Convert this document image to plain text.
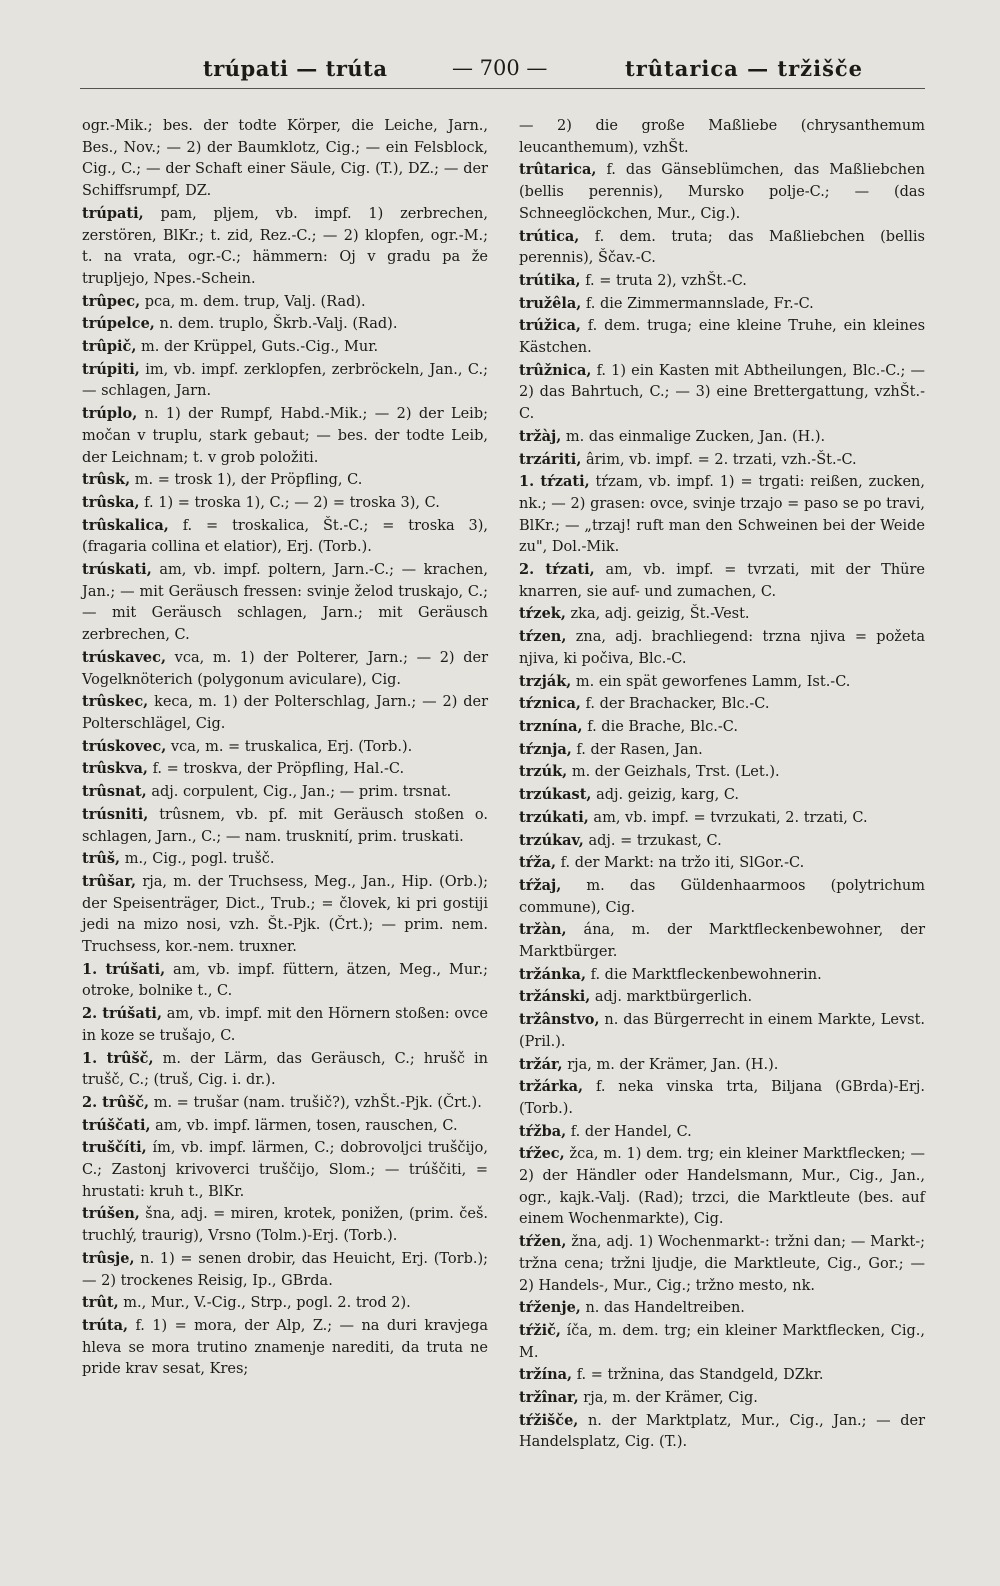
trúpati — trúta	— 700 —	trûtarica — tržišče

ogr.-Mik.; bes. der todte Körper, die Leiche, Jarn., Bes., Nov.; — 2) der Baumklotz, Cig.; — ein Felsblock, Cig., C.; — der Schaft einer Säule, Cig. (T.), DZ.; — der Schiffsrumpf, DZ.

trúpati, pam, pljem, vb. impf. 1) zerbrechen, zerstören, BlKr.; t. zid, Rez.-C.; — 2) klopfen, ogr.-M.; t. na vrata, ogr.-C.; hämmern: Oj v gradu pa že trupljejo, Npes.-Schein.

trûpec, pca, m. dem. trup, Valj. (Rad).

trúpelce, n. dem. truplo, Škrb.-Valj. (Rad).

trûpič, m. der Krüppel, Guts.-Cig., Mur.

trúpiti, im, vb. impf. zerklopfen, zerbröckeln, Jan., C.; — schlagen, Jarn.

trúplo, n. 1) der Rumpf, Habd.-Mik.; — 2) der Leib; močan v truplu, stark gebaut; — bes. der todte Leib, der Leichnam; t. v grob položiti.

trûsk, m. = trosk 1), der Pröpfling, C.

trûska, f. 1) = troska 1), C.; — 2) = troska 3), C.

trûskalica, f. = troskalica, Št.-C.; = troska 3), (fragaria collina et elatior), Erj. (Torb.).

trúskati, am, vb. impf. poltern, Jarn.-C.; — krachen, Jan.; — mit Geräusch fressen: svinje želod truskajo, C.; — mit Geräusch schlagen, Jarn.; mit Geräusch zerbrechen, C.

trúskavec, vca, m. 1) der Polterer, Jarn.; — 2) der Vogelknöterich (polygonum aviculare), Cig.

trûskec, keca, m. 1) der Polterschlag, Jarn.; — 2) der Polterschlägel, Cig.

trúskovec, vca, m. = truskalica, Erj. (Torb.).

trûskva, f. = troskva, der Pröpfling, Hal.-C.

trûsnat, adj. corpulent, Cig., Jan.; — prim. trsnat.

trúsniti, trûsnem, vb. pf. mit Geräusch stoßen o. schlagen, Jarn., C.; — nam. trusknití, prim. truskati.

trûš, m., Cig., pogl. trušč.

trûšar, rja, m. der Truchsess, Meg., Jan., Hip. (Orb.); der Speisenträger, Dict., Trub.; = človek, ki pri gostiji jedi na mizo nosi, vzh. Št.-Pjk. (Črt.); — prim. nem. Truchsess, kor.-nem. truxner.

1. trúšati, am, vb. impf. füttern, ätzen, Meg., Mur.; otroke, bolnike t., C.

2. trúšati, am, vb. impf. mit den Hörnern stoßen: ovce in koze se trušajo, C.

1. trûšč, m. der Lärm, das Geräusch, C.; hrušč in trušč, C.; (truš, Cig. i. dr.).

2. trûšč, m. = trušar (nam. trušič?), vzhŠt.-Pjk. (Črt.).

trúščati, am, vb. impf. lärmen, tosen, rauschen, C.

truščíti, ím, vb. impf. lärmen, C.; dobrovoljci truščijo, C.; Zastonj krivoverci truščijo, Slom.; — trúščiti, = hrustati: kruh t., BlKr.

trúšen, šna, adj. = miren, krotek, ponižen, (prim. češ. truchlý, traurig), Vrsno (Tolm.)-Erj. (Torb.).

trûsje, n. 1) = senen drobir, das Heuicht, Erj. (Torb.); — 2) trockenes Reisig, Ip., GBrda.

trût, m., Mur., V.-Cig., Strp., pogl. 2. trod 2).

trúta, f. 1) = mora, der Alp, Z.; — na duri kravjega hleva se mora trutino znamenje narediti, da truta ne pride krav sesat, Kres;

— 2) die große Maßliebe (chrysanthemum leucanthemum), vzhŠt.

trûtarica, f. das Gänseblümchen, das Maßliebchen (bellis perennis), Mursko polje-C.; — (das Schneeglöckchen, Mur., Cig.).

trútica, f. dem. truta; das Maßliebchen (bellis perennis), Ščav.-C.

trútika, f. = truta 2), vzhŠt.-C.

tružêla, f. die Zimmermannslade, Fr.-C.

trúžica, f. dem. truga; eine kleine Truhe, ein kleines Kästchen.

trûžnica, f. 1) ein Kasten mit Abtheilungen, Blc.-C.; — 2) das Bahrtuch, C.; — 3) eine Brettergattung, vzhŠt.-C.

tržàj, m. das einmalige Zucken, Jan. (H.).

trzáriti, ârim, vb. impf. = 2. trzati, vzh.-Št.-C.

1. tŕzati, tŕzam, vb. impf. 1) = trgati: reißen, zucken, nk.; — 2) grasen: ovce, svinje trzajo = paso se po travi, BlKr.; — „trzaj! ruft man den Schweinen bei der Weide zu", Dol.-Mik.

2. tŕzati, am, vb. impf. = tvrzati, mit der Thüre knarren, sie auf- und zumachen, C.

tŕzek, zka, adj. geizig, Št.-Vest.

tŕzen, zna, adj. brachliegend: trzna njiva = požeta njiva, ki počiva, Blc.-C.

trzják, m. ein spät geworfenes Lamm, Ist.-C.

tŕznica, f. der Brachacker, Blc.-C.

trznína, f. die Brache, Blc.-C.

tŕznja, f. der Rasen, Jan.

trzúk, m. der Geizhals, Trst. (Let.).

trzúkast, adj. geizig, karg, C.

trzúkati, am, vb. impf. = tvrzukati, 2. trzati, C.

trzúkav, adj. = trzukast, C.

tŕža, f. der Markt: na tržo iti, SlGor.-C.

tŕžaj, m. das Güldenhaarmoos (polytrichum commune), Cig.

tržàn, ána, m. der Marktfleckenbewohner, der Marktbürger.

tržánka, f. die Marktfleckenbewohnerin.

tržánski, adj. marktbürgerlich.

tržânstvo, n. das Bürgerrecht in einem Markte, Levst. (Pril.).

tržár, rja, m. der Krämer, Jan. (H.).

tržárka, f. neka vinska trta, Biljana (GBrda)-Erj. (Torb.).

tŕžba, f. der Handel, C.

tŕžec, žca, m. 1) dem. trg; ein kleiner Marktflecken; — 2) der Händler oder Handelsmann, Mur., Cig., Jan., ogr., kajk.-Valj. (Rad); trzci, die Marktleute (bes. auf einem Wochenmarkte), Cig.

tŕžen, žna, adj. 1) Wochenmarkt-: tržni dan; — Markt-; tržna cena; tržni ljudje, die Marktleute, Cig., Gor.; — 2) Handels-, Mur., Cig.; tržno mesto, nk.

tŕženje, n. das Handeltreiben.

tŕžič, íča, m. dem. trg; ein kleiner Marktflecken, Cig., M.

tržína, f. = tržnina, das Standgeld, DZkr.

tržînar, rja, m. der Krämer, Cig.

tŕžišče, n. der Marktplatz, Mur., Cig., Jan.; — der Handelsplatz, Cig. (T.).
